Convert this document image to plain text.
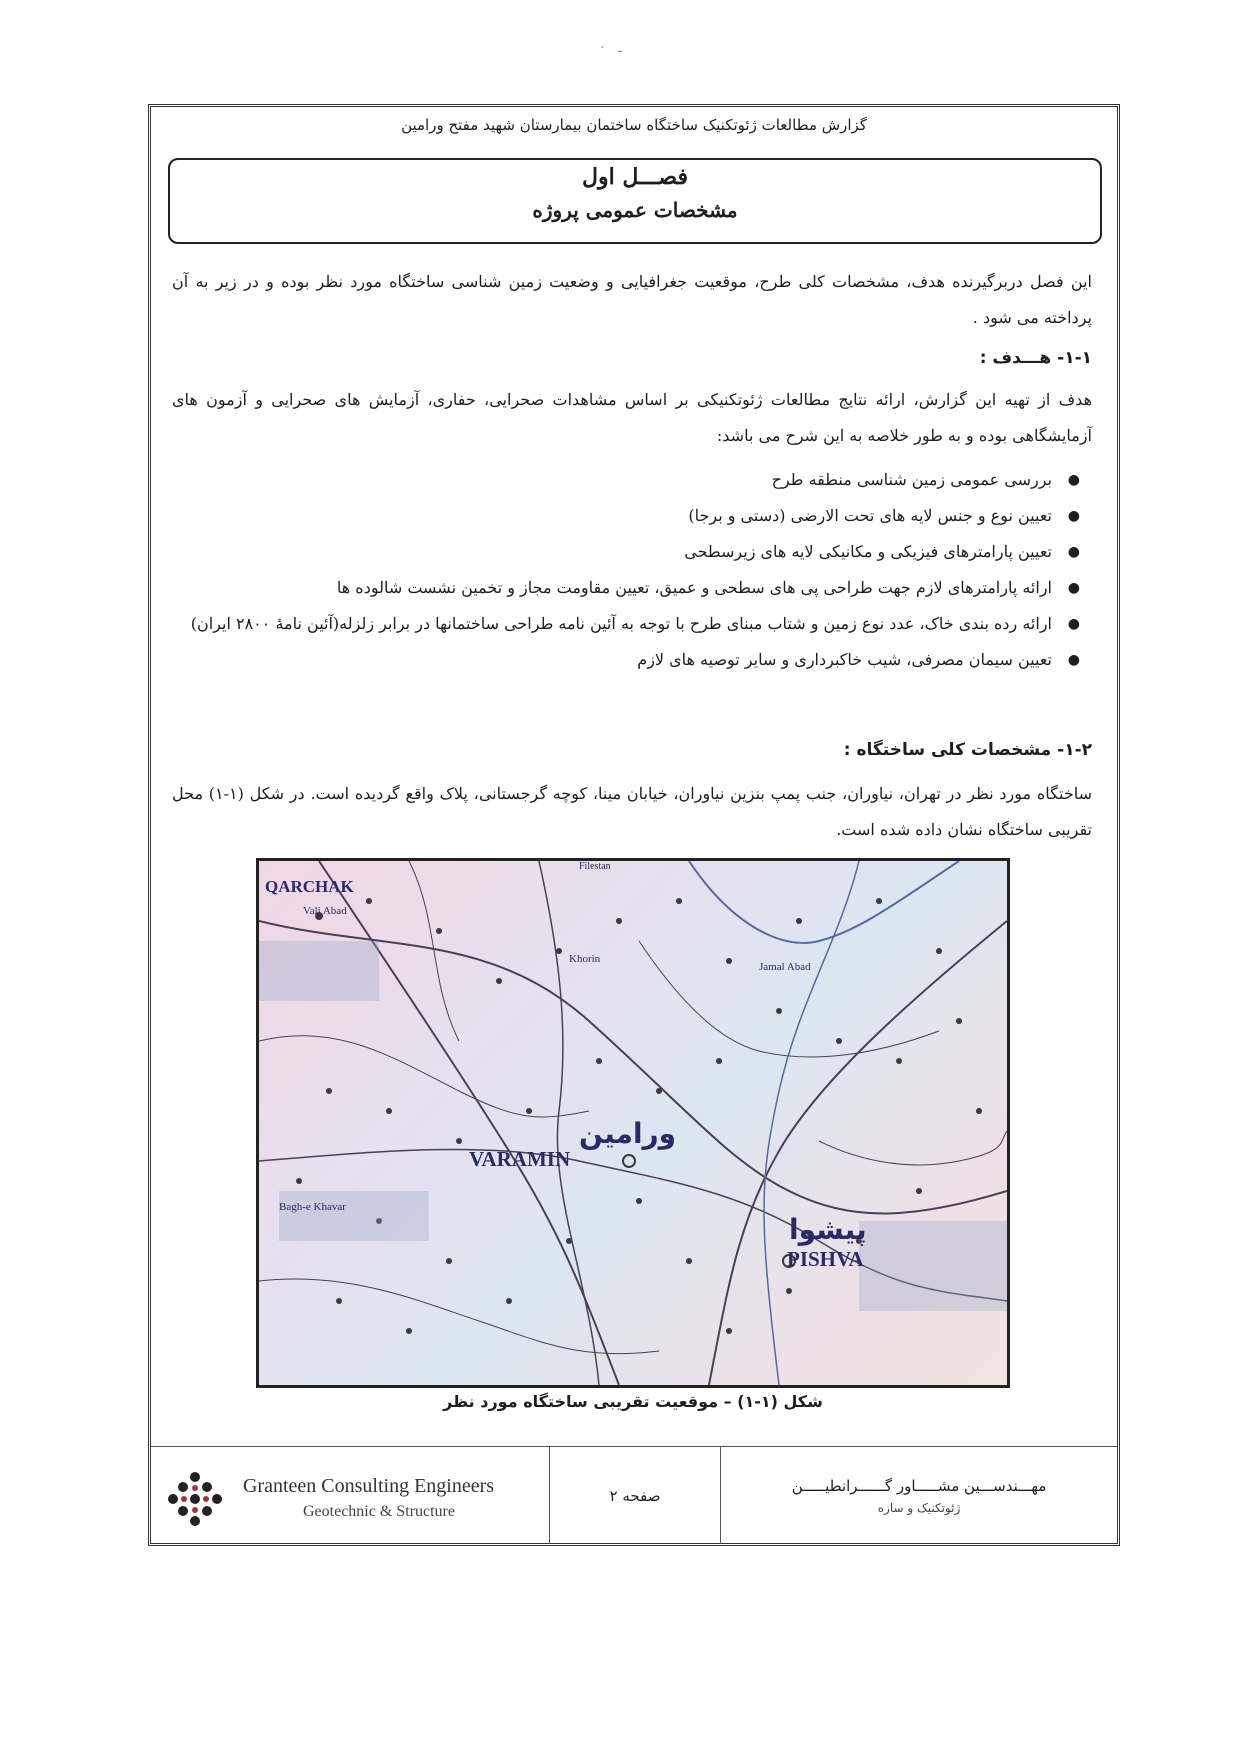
·   ـ
گزارش مطالعات ژئوتکنیک ساختگاه ساختمان بیمارستان شهید مفتح ورامین
فصـــل اول
مشخصات عمومی پروژه
این فصل دربرگیرنده هدف، مشخصات کلی طرح، موقعیت جغرافیایی و وضعیت زمین شناسی ساختگاه مورد نظر بوده و در زیر به آن پرداخته می شود .
۱-۱- هـــدف :
هدف از تهیه این گزارش، ارائه نتایج مطالعات ژئوتکنیکی بر اساس مشاهدات صحرایی، حفاری، آزمایش های صحرایی و آزمون های آزمایشگاهی بوده و به طور خلاصه به این شرح می باشد:
●
بررسی عمومی زمین شناسی منطقه طرح
●
تعیین نوع و جنس لایه های تحت الارضی (دستی و برجا)
●
تعیین پارامترهای فیزیکی و مکانیکی لایه های زیرسطحی
●
ارائه پارامترهای لازم جهت طراحی پی های سطحی و عمیق، تعیین مقاومت مجاز و تخمین نشست شالوده ها
●
ارائه رده بندی خاک، عدد نوع زمین و شتاب مبنای طرح با توجه به آئین نامه طراحی ساختمانها در برابر زلزله(آئین نامهٔ ۲۸۰۰ ایران)
●
تعیین سیمان مصرفی، شیب خاکبرداری و سایر توصیه های لازم
۱-۲- مشخصات کلی ساختگاه :
ساختگاه مورد نظر در تهران، نیاوران، جنب پمپ بنزین نیاوران، خیابان مینا، کوچه گرجستانی، پلاک واقع گردیده است. در شکل (۱-۱) محل تقریبی ساختگاه نشان داده شده است.
QARCHAK
Vali Abad
Filestan
Khorin
Jamal Abad
VARAMIN
ورامین
Bagh-e Khavar
پیشوا
PISHVA
شکل (۱-۱) – موقعیت تقریبی ساختگاه مورد نظر
Granteen Consulting Engineers
Geotechnic & Structure
صفحه ۲
مهـــندســـین مشـــــاور گــــــرانطیـــــن
ژئوتکنیک و سازه
